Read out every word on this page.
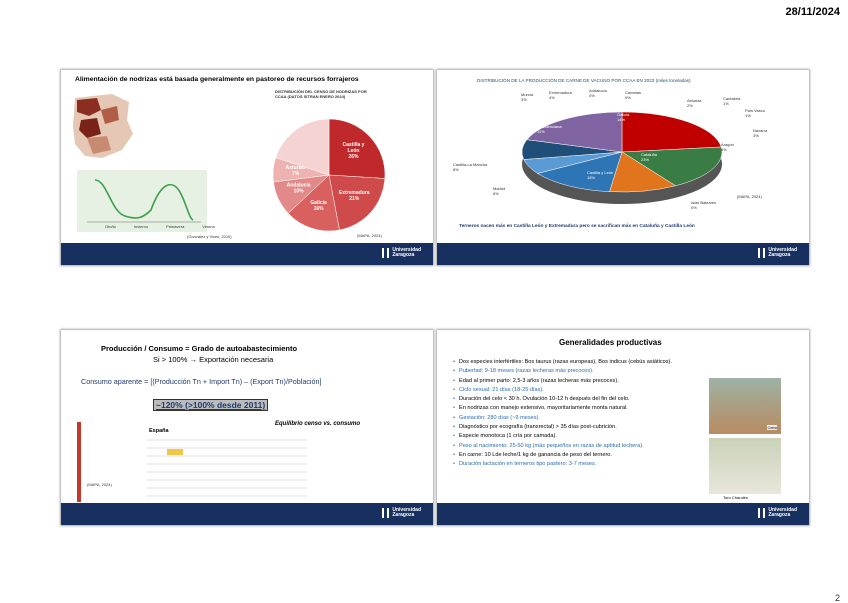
28/11/2024
Alimentación de nodrizas está basada generalmente en pastoreo de recursos forrajeros
DISTRIBUCIÓN DEL CENSO DE NODRIZAS POR CCAA (DATOS SITRAN ENERO 2024)
Castilla y
León
26%
Extremadura
21%
Galicia
16%
Andalucía
10%
Asturias
7%
(MAPA, 2024)
Otoño	Invierno	Primavera	Verano
(González y Vives, 2010)
Universidad
Zaragoza
DISTRIBUCIÓN DE LA PRODUCCIÓN DE CARNE DE VACUNO POR CCAA EN 2023 (miles toneladas)
Murcia
3%
Extremadura
4%
Andalucía
4%
Canarias
0%
Asturias
2%
Cantabria
1%
País Vasco
1%
Navarra
3%
Aragón
6%
Castilla-La Mancha
8%
Madrid
6%
Islas Baleares
0%
Galicia
14%
Cataluña
23%
Castilla y León
18%
C. Valenciana
11%
(MAPA, 2024)
Terneros nacen más en Castilla León y Extremadura pero se sacrifican más en Cataluña y Castilla León
Universidad
Zaragoza
Producción / Consumo = Grado de autoabastecimiento
Si > 100% → Exportación necesaria
Consumo aparente = [(Producción Tn + Import Tn) – (Export Tn)/Población]
~120% (>100% desde 2011)
(MAPA, 2024)
Equilibrio censo vs. consumo
España
Universidad
Zaragoza
Generalidades productivas
• Dos especies interfértiles: Bos taurus (razas europeas), Bos indicus (cebús asiáticos).
• Pubertad: 9-18 meses (razas lecheras más precoces).
• Edad al primer parto: 2,5-3 años (razas lecheras más precoces).
• Ciclo sexual: 21 días (18-25 días).
• Duración del celo < 30 h. Ovulación 10-12 h después del fin del celo.
• En nodrizas con manejo extensivo, mayoritariamente monta natural.
• Gestación: 280 días (~9 meses).
• Diagnóstico por ecografía (transrectal) > 35 días post-cubrición.
• Especie monotoca (1 cría por camada).
• Peso al nacimiento: 25-50 kg (más pequeños en razas de aptitud lechera).
• En carne: 10 Lde leche/1 kg de ganancia de peso del ternero.
• Duración lactación en terneros tipo pastero: 3-7 meses.
Cebú
Toro Charolés
Universidad
Zaragoza
2
